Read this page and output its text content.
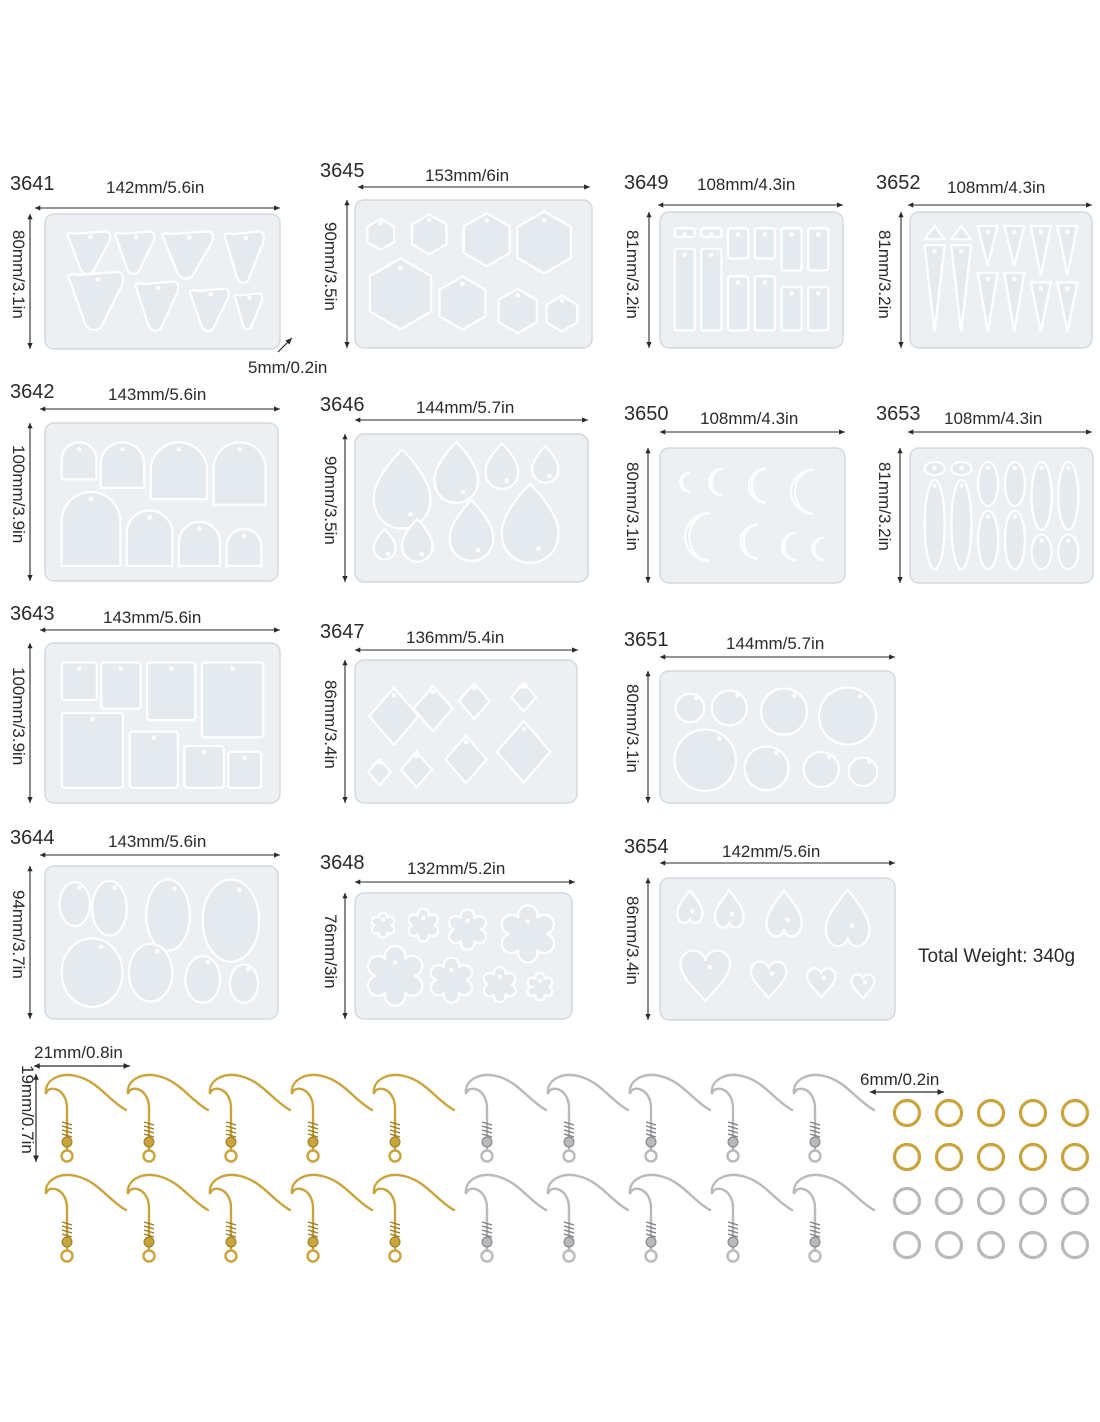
3641	142mm/5.6in
80mm/3.1in
3645	153mm/6in
90mm/3.5in
3649 108mm/4.3in
81mm/3.2in
3652 108mm/4.3in
81mm/3.2in
3642	143mm/5.6in
100mm/3.9in
3646	144mm/5.7in
90mm/3.5in
3650 108mm/4.3in
80mm/3.1in
3653 108mm/4.3in
81mm/3.2in
3643	143mm/5.6in
100mm/3.9in
3647 136mm/5.4in
86mm/3.4in
3651	144mm/5.7in
80mm/3.1in
3644	143mm/5.6in
94mm/3.7in
3648	132mm/5.2in
76mm/3in
3654	142mm/5.6in
86mm/3.4in
5mm/0.2in
Total Weight: 340g
21mm/0.8in
19mm/0.7in	6mm/0.2in
